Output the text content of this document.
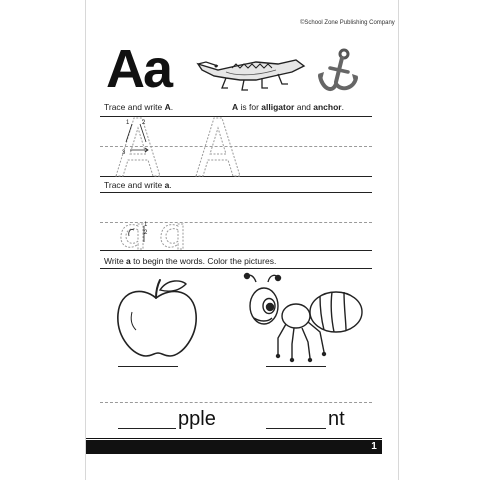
©School Zone Publishing Company
Aa
Trace and write A.	A is for alligator and anchor.
1 2
3
Trace and write a.
1
2
Write a to begin the words. Color the pictures.
pple	nt
1
